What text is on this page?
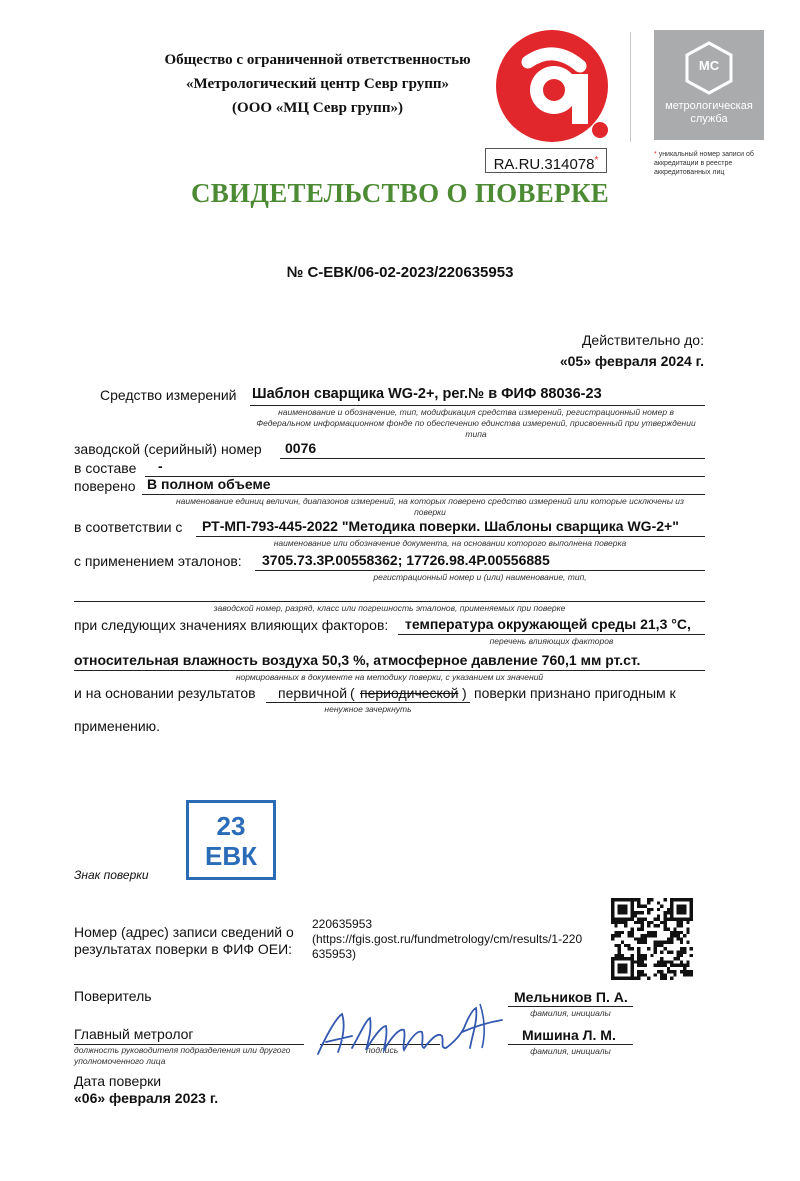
Общество с ограниченной ответственностью
«Метрологический центр Севр групп»
(ООО «МЦ Севр групп»)
RA.RU.314078*
МС
метрологическая служба
* уникальный номер записи об аккредитации в реестре аккредитованных лиц
СВИДЕТЕЛЬСТВО О ПОВЕРКЕ
№ С-ЕВК/06-02-2023/220635953
Действительно до:
«05» февраля 2024 г.
Средство измерений Шаблон сварщика WG-2+, рег.№ в ФИФ 88036-23
наименование и обозначение, тип, модификация средства измерений, регистрационный номер в Федеральном информационном фонде по обеспечению единства измерений, присвоенный при утверждении типа
заводской (серийный) номер 0076
в составе -
поверено В полном объеме
наименование единиц величин, диапазонов измерений, на которых поверено средство измерений или которые исключены из поверки
в соответствии с РТ-МП-793-445-2022 "Методика поверки. Шаблоны сварщика WG-2+"
наименование или обозначение документа, на основании которого выполнена поверка
с применением эталонов: 3705.73.3Р.00558362; 17726.98.4Р.00556885
регистрационный номер и (или) наименование, тип,
заводской номер, разряд, класс или погрешность эталонов, применяемых при поверке
при следующих значениях влияющих факторов: температура окружающей среды 21,3 °С,
перечень влияющих факторов
относительная влажность воздуха 50,3 %, атмосферное давление 760,1 мм рт.ст.
нормированных в документе на методику поверки, с указанием их значений
и на основании результатов первичной ( периодической )
ненужное зачеркнуть
поверки признано пригодным к
применению.
Знак поверки
23
ЕВК
Номер (адрес) записи сведений о
результатах поверки в ФИФ ОЕИ:
220635953
(https://fgis.gost.ru/fundmetrology/cm/results/1-220
635953)
Поверитель	Мельников П. А.
фамилия, инициалы
Главный метролог
должность руководителя подразделения или другого
уполномоченного лица
подпись
Мишина Л. М.
фамилия, инициалы
Дата поверки
«06» февраля 2023 г.
